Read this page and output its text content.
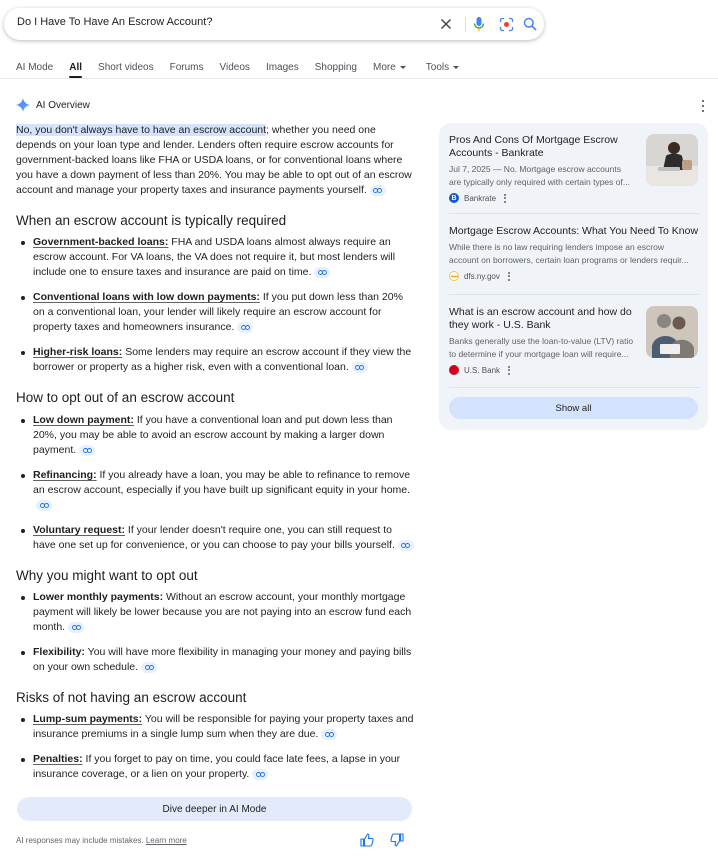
Do I Have To Have An Escrow Account?
AI Mode All Short videos Forums Videos Images Shopping More	Tools
AI Overview

No, you don't always have to have an escrow account; whether you need one depends on your loan type and lender. Lenders often require escrow accounts for government-backed loans like FHA or USDA loans, or for conventional loans where you have a down payment of less than 20%. You may be able to opt out of an escrow account and manage your property taxes and insurance payments yourself.

When an escrow account is typically required
Government-backed loans: FHA and USDA loans almost always require an escrow account. For VA loans, the VA does not require it, but most lenders will include one to ensure taxes and insurance are paid on time.
Conventional loans with low down payments: If you put down less than 20% on a conventional loan, your lender will likely require an escrow account for property taxes and homeowners insurance.
Higher-risk loans: Some lenders may require an escrow account if they view the borrower or property as a higher risk, even with a conventional loan.
How to opt out of an escrow account
Low down payment: If you have a conventional loan and put down less than 20%, you may be able to avoid an escrow account by making a larger down payment.
Refinancing: If you already have a loan, you may be able to refinance to remove an escrow account, especially if you have built up significant equity in your home.
Voluntary request: If your lender doesn't require one, you can still request to have one set up for convenience, or you can choose to pay your bills yourself.
Why you might want to opt out
Lower monthly payments: Without an escrow account, your monthly mortgage payment will likely be lower because you are not paying into an escrow fund each month.
Flexibility: You will have more flexibility in managing your money and paying bills on your own schedule.
Risks of not having an escrow account
Lump-sum payments: You will be responsible for paying your property taxes and insurance premiums in a single lump sum when they are due.
Penalties: If you forget to pay on time, you could face late fees, a lapse in your insurance coverage, or a lien on your property.
Dive deeper in AI Mode
AI responses may include mistakes. Learn more
Pros And Cons Of Mortgage Escrow Accounts - Bankrate
Jul 7, 2025 — No. Mortgage escrow accounts
are typically only required with certain types of...
B Bankrate
Mortgage Escrow Accounts: What You Need To Know
While there is no law requiring lenders impose an escrow
account on borrowers, certain loan programs or lenders requir...
dfs.ny.gov
What is an escrow account and how do they work - U.S. Bank
Banks generally use the loan-to-value (LTV) ratio
to determine if your mortgage loan will require...
U.S. Bank
Show all
